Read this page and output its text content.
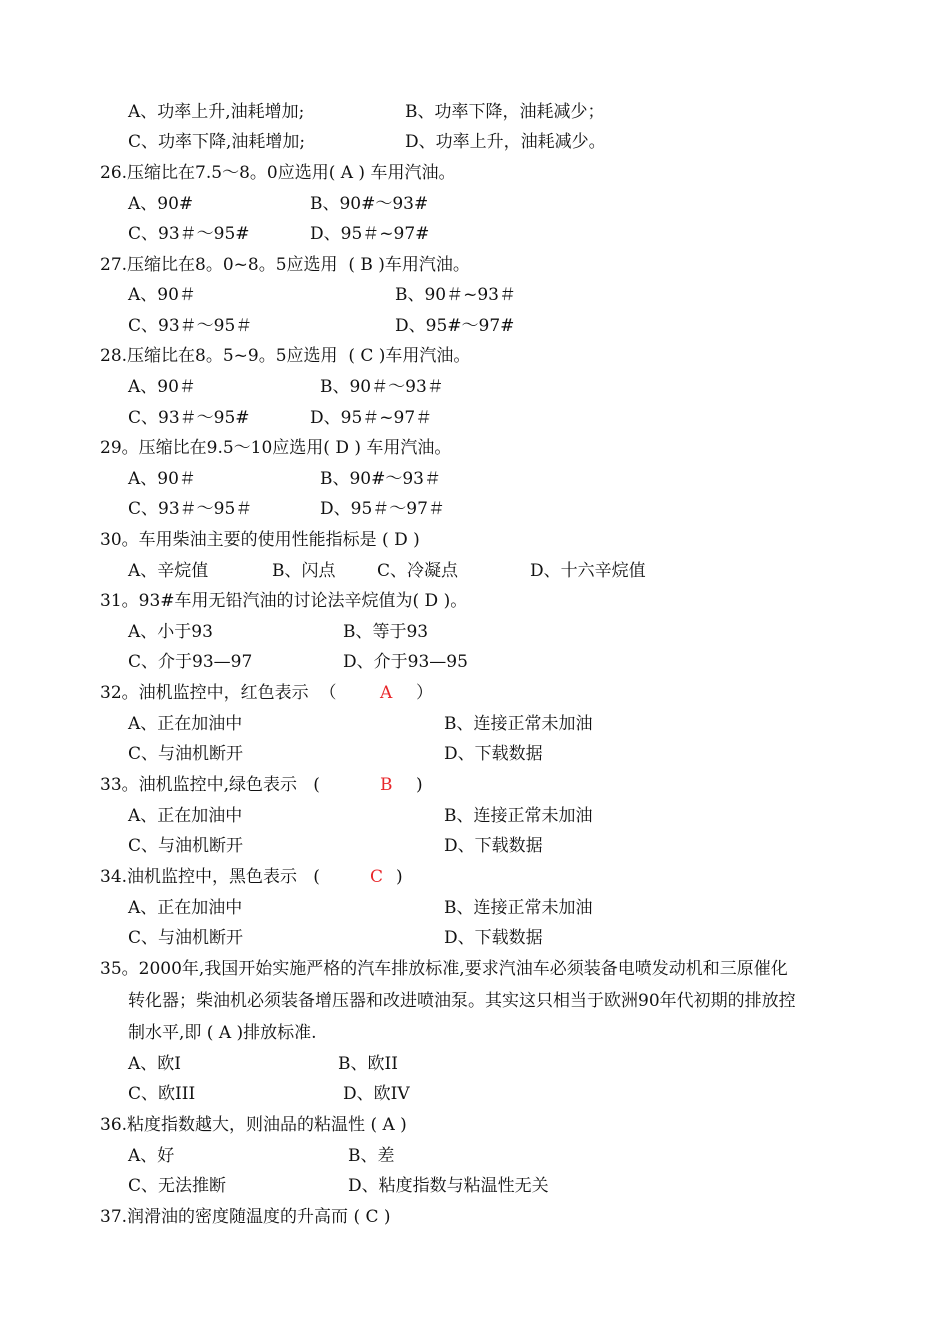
A、功率上升,油耗增加;	B、功率下降，油耗减少；
C、功率下降,油耗增加;	D、功率上升，油耗减少。
26.压缩比在7.5～8。0应选用( A ) 车用汽油。
A、90#	B、90#～93#
C、93＃～95#	D、95＃~97#
27.压缩比在8。0~8。5应选用  ( B )车用汽油。
A、90＃	B、90＃~93＃
C、93＃～95＃	D、95#～97#
28.压缩比在8。5~9。5应选用  ( C )车用汽油。
A、90＃	B、90＃～93＃
C、93＃～95#	D、95＃~97＃
29。压缩比在9.5～10应选用( D ) 车用汽油。
A、90＃	B、90#～93＃
C、93＃～95＃	D、95＃～97＃
30。车用柴油主要的使用性能指标是 ( D )
A、辛烷值	B、闪点 C、冷凝点	D、十六辛烷值
31。93#车用无铅汽油的讨论法辛烷值为( D )。
A、小于93	B、等于93
C、介于93—97	D、介于93—95
32。油机监控中，红色表示  （	A ）
A、正在加油中	B、连接正常未加油
C、与油机断开	D、下载数据
33。油机监控中,绿色表示   (	B )
A、正在加油中	B、连接正常未加油
C、与油机断开	D、下载数据
34.油机监控中，黑色表示   (	C )
A、正在加油中	B、连接正常未加油
C、与油机断开	D、下载数据
35。2000年,我国开始实施严格的汽车排放标准,要求汽油车必须装备电喷发动机和三原催化
转化器；柴油机必须装备增压器和改进喷油泵。其实这只相当于欧洲90年代初期的排放控
制水平,即 ( A )排放标准.
A、欧Ⅰ	B、欧II
C、欧III	D、欧IV
36.粘度指数越大，则油品的粘温性 ( A )
A、好	B、差
C、无法推断	D、粘度指数与粘温性无关
37.润滑油的密度随温度的升高而 ( C )
